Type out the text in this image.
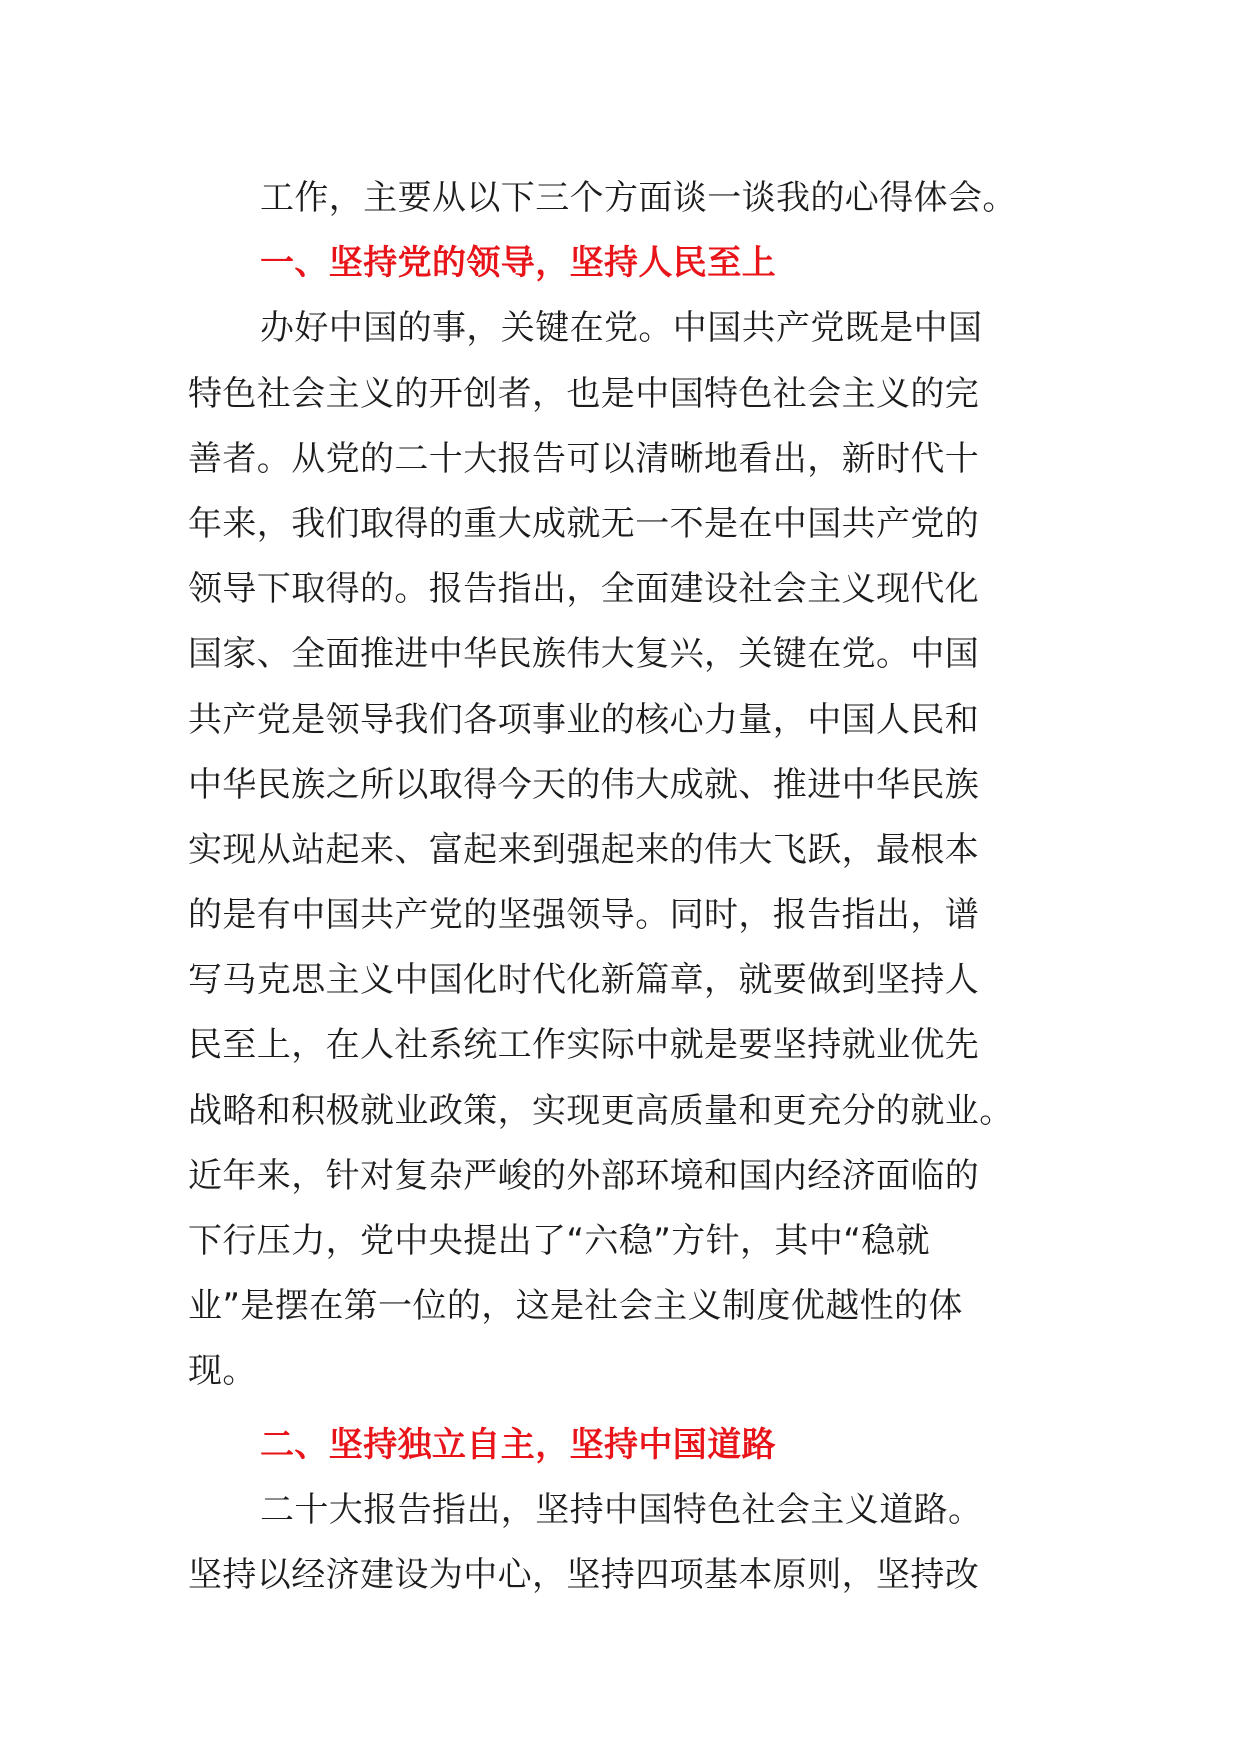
工作，主要从以下三个方面谈一谈我的心得体会。
一、坚持党的领导，坚持人民至上
办好中国的事，关键在党。中国共产党既是中国
特色社会主义的开创者，也是中国特色社会主义的完
善者。从党的二十大报告可以清晰地看出，新时代十
年来，我们取得的重大成就无一不是在中国共产党的
领导下取得的。报告指出，全面建设社会主义现代化
国家、全面推进中华民族伟大复兴，关键在党。中国
共产党是领导我们各项事业的核心力量，中国人民和
中华民族之所以取得今天的伟大成就、推进中华民族
实现从站起来、富起来到强起来的伟大飞跃，最根本
的是有中国共产党的坚强领导。同时，报告指出，谱
写马克思主义中国化时代化新篇章，就要做到坚持人
民至上，在人社系统工作实际中就是要坚持就业优先
战略和积极就业政策，实现更高质量和更充分的就业。
近年来，针对复杂严峻的外部环境和国内经济面临的
下行压力，党中央提出了“六稳”方针，其中“稳就
业”是摆在第一位的，这是社会主义制度优越性的体
现。
二、坚持独立自主，坚持中国道路
二十大报告指出，坚持中国特色社会主义道路。
坚持以经济建设为中心，坚持四项基本原则，坚持改
